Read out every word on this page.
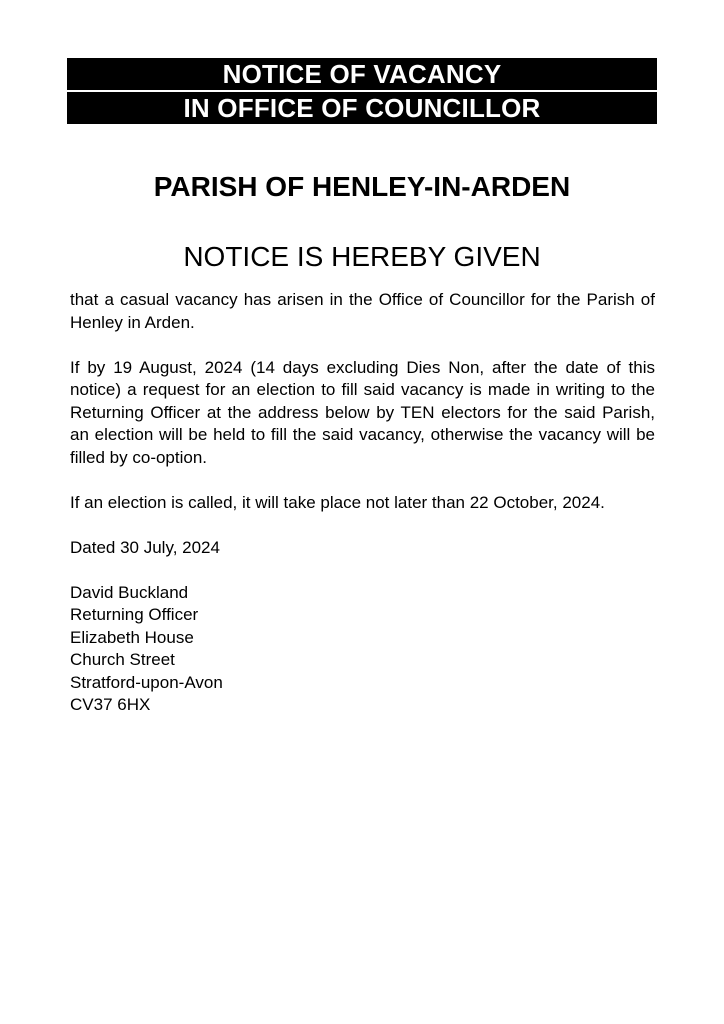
NOTICE OF VACANCY
IN OFFICE OF COUNCILLOR
PARISH OF HENLEY-IN-ARDEN
NOTICE IS HEREBY GIVEN

that a casual vacancy has arisen in the Office of Councillor for the Parish of Henley in Arden.

If by 19 August, 2024 (14 days excluding Dies Non, after the date of this notice) a request for an election to fill said vacancy is made in writing to the Returning Officer at the address below by TEN electors for the said Parish, an election will be held to fill the said vacancy, otherwise the vacancy will be filled by co-option.

If an election is called, it will take place not later than 22 October, 2024.

Dated 30 July, 2024

David Buckland
Returning Officer
Elizabeth House
Church Street
Stratford-upon-Avon
CV37 6HX
